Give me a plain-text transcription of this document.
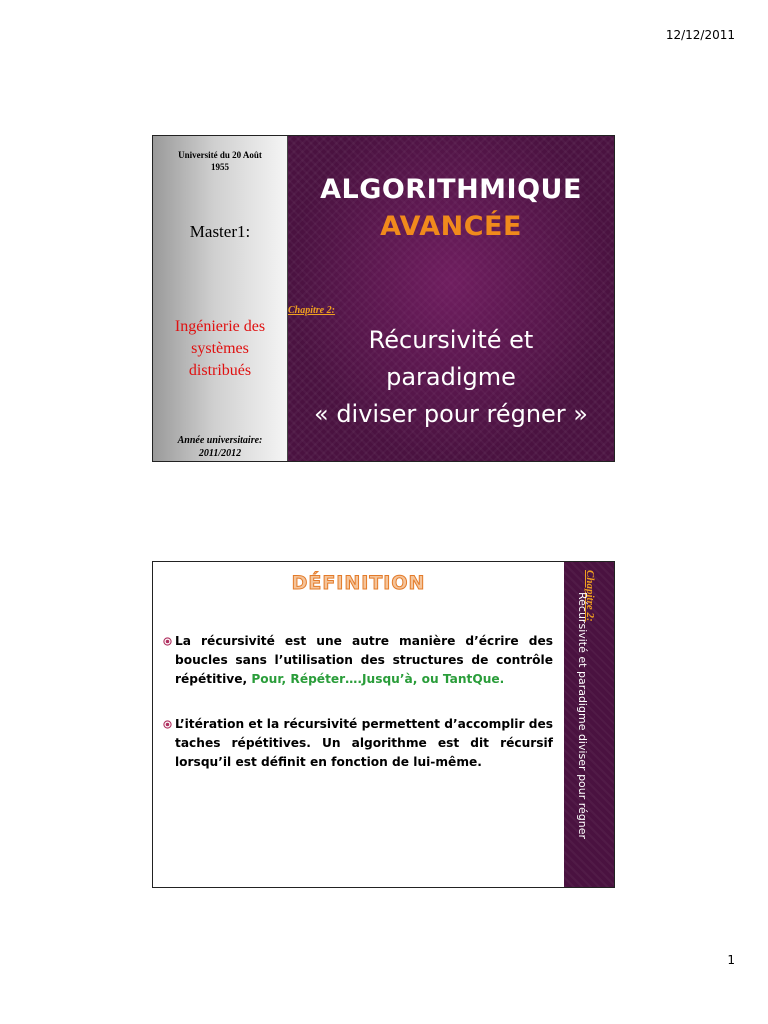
12/12/2011
Université du 20 Août
1955
Master1:
Ingénierie des
systèmes
distribués
Année universitaire:
2011/2012
ALGORITHMIQUE
AVANCÉE
Chapitre 2:
Récursivité et
paradigme
« diviser pour régner »
DÉFINITION
La récursivité est une autre manière d’écrire des boucles sans l’utilisation des structures de contrôle répétitive, Pour, Répéter….Jusqu’à, ou TantQue.
L’itération et la récursivité permettent d’accomplir des taches répétitives. Un algorithme est dit récursif lorsqu’il est définit en fonction de lui-même.
Chapitre 2:
Récursivité et paradigme diviser pour régner
1
